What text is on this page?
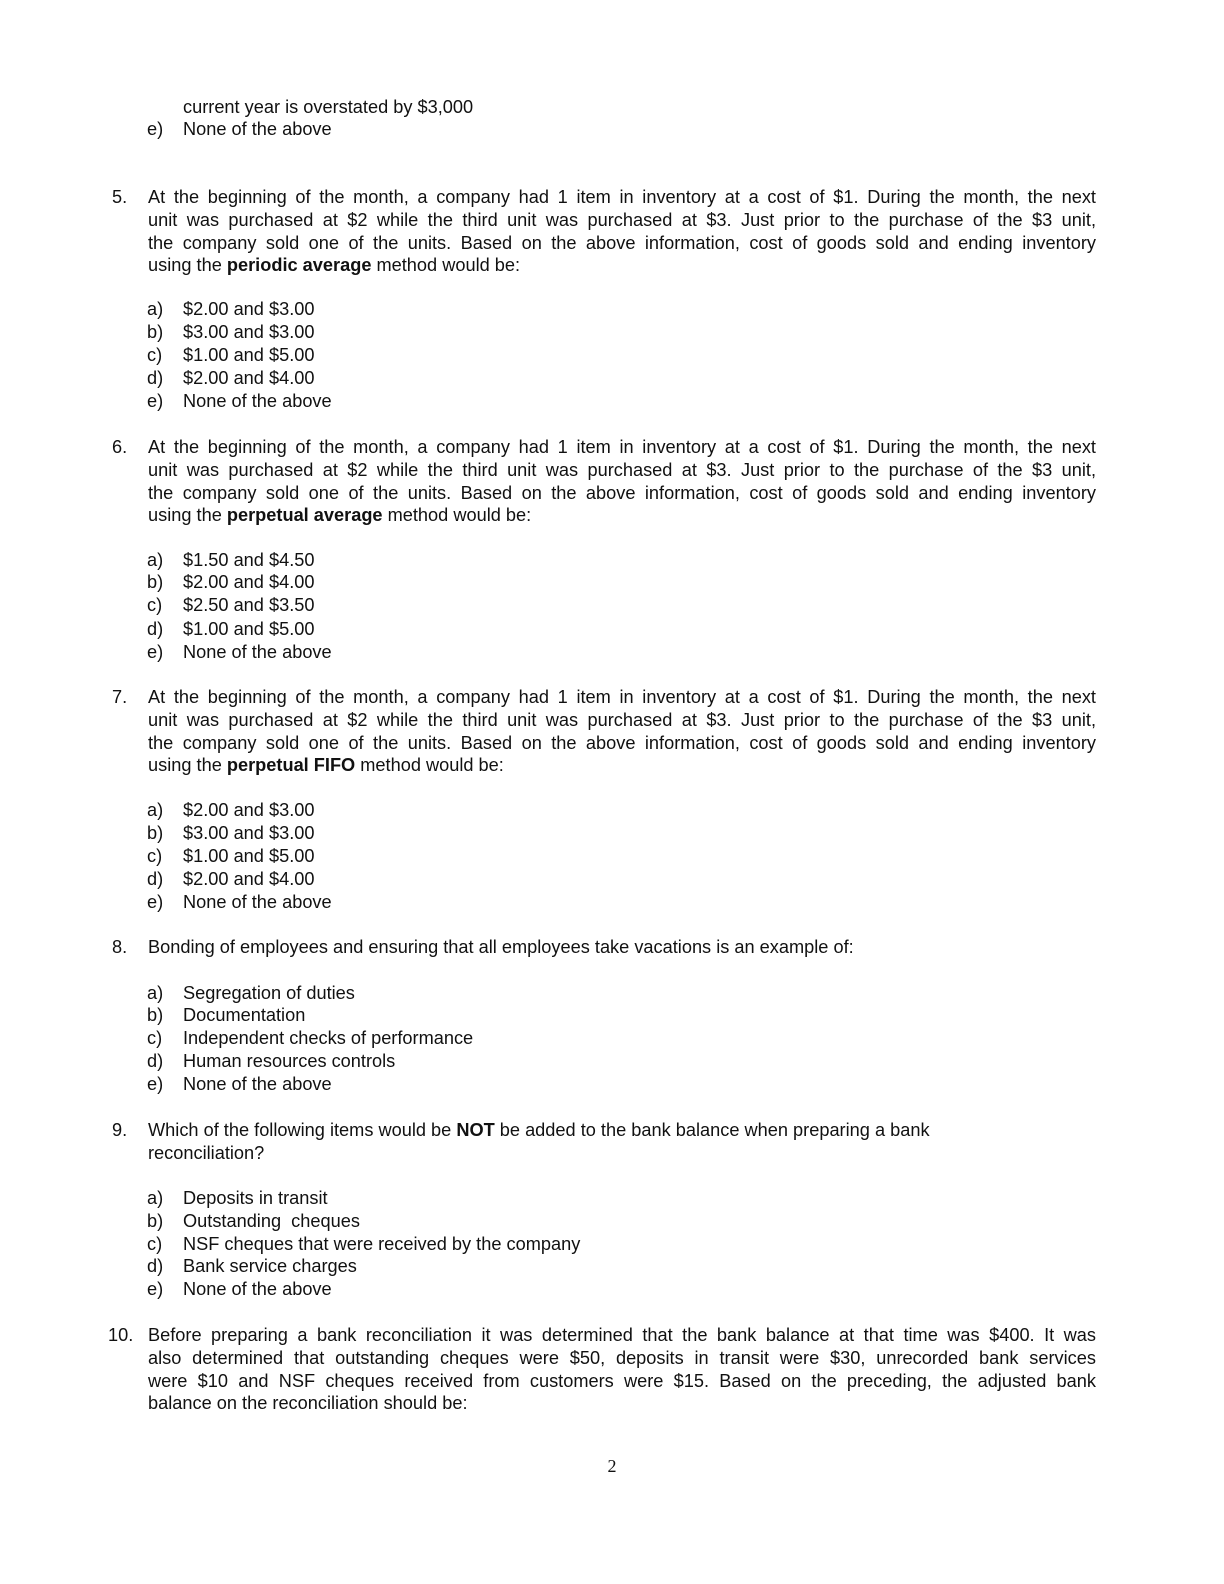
current year is overstated by $3,000
e) None of the above
5. At the beginning of the month, a company had 1 item in inventory at a cost of $1. During the month, the next
unit was purchased at $2 while the third unit was purchased at $3. Just prior to the purchase of the $3 unit,
the company sold one of the units. Based on the above information, cost of goods sold and ending inventory
using the periodic average method would be:
a) $2.00 and $3.00
b) $3.00 and $3.00
c) $1.00 and $5.00
d) $2.00 and $4.00
e) None of the above
6. At the beginning of the month, a company had 1 item in inventory at a cost of $1. During the month, the next
unit was purchased at $2 while the third unit was purchased at $3. Just prior to the purchase of the $3 unit,
the company sold one of the units. Based on the above information, cost of goods sold and ending inventory
using the perpetual average method would be:
a) $1.50 and $4.50
b) $2.00 and $4.00
c) $2.50 and $3.50
d) $1.00 and $5.00
e) None of the above
7. At the beginning of the month, a company had 1 item in inventory at a cost of $1. During the month, the next
unit was purchased at $2 while the third unit was purchased at $3. Just prior to the purchase of the $3 unit,
the company sold one of the units. Based on the above information, cost of goods sold and ending inventory
using the perpetual FIFO method would be:
a) $2.00 and $3.00
b) $3.00 and $3.00
c) $1.00 and $5.00
d) $2.00 and $4.00
e) None of the above
8. Bonding of employees and ensuring that all employees take vacations is an example of:
a) Segregation of duties
b) Documentation
c) Independent checks of performance
d) Human resources controls
e) None of the above
9. Which of the following items would be NOT be added to the bank balance when preparing a bank
reconciliation?
a) Deposits in transit
b) Outstanding  cheques
c) NSF cheques that were received by the company
d) Bank service charges
e) None of the above
10. Before preparing a bank reconciliation it was determined that the bank balance at that time was $400. It was
also determined that outstanding cheques were $50, deposits in transit were $30, unrecorded bank services
were $10 and NSF cheques received from customers were $15. Based on the preceding, the adjusted bank
balance on the reconciliation should be:
2
